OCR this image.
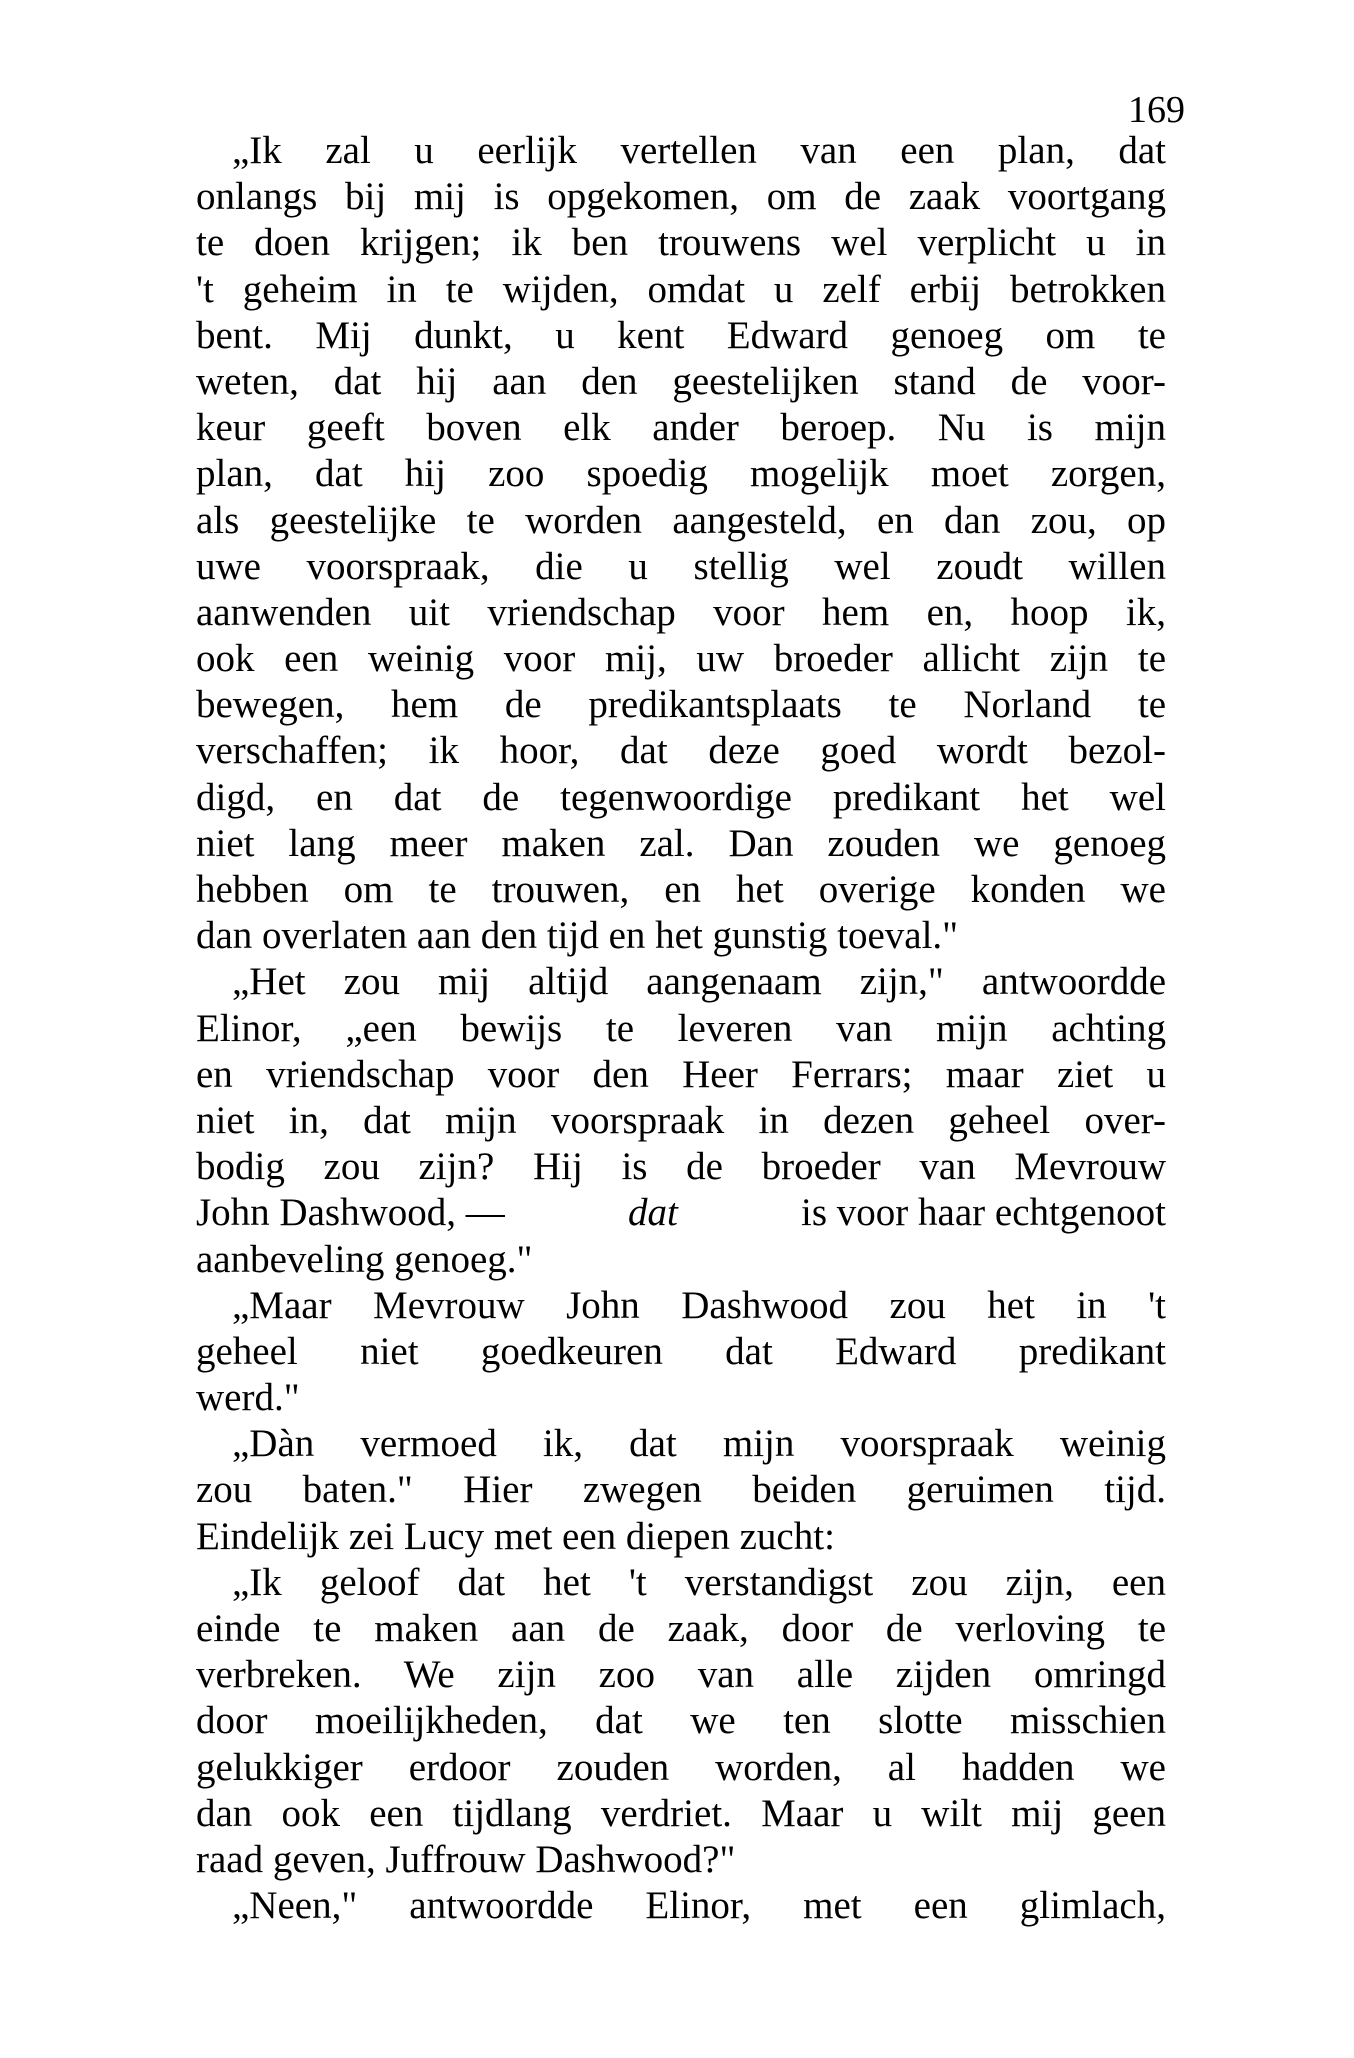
169
„Ik zal u eerlijk vertellen van een plan, dat
onlangs bij mij is opgekomen, om de zaak voortgang
te doen krijgen; ik ben trouwens wel verplicht u in
't geheim in te wijden, omdat u zelf erbij betrokken
bent. Mij dunkt, u kent Edward genoeg om te
weten, dat hij aan den geestelijken stand de voor-
keur geeft boven elk ander beroep. Nu is mijn
plan, dat hij zoo spoedig mogelijk moet zorgen,
als geestelijke te worden aangesteld, en dan zou, op
uwe voorspraak, die u stellig wel zoudt willen
aanwenden uit vriendschap voor hem en, hoop ik,
ook een weinig voor mij, uw broeder allicht zijn te
bewegen, hem de predikantsplaats te Norland te
verschaffen; ik hoor, dat deze goed wordt bezol-
digd, en dat de tegenwoordige predikant het wel
niet lang meer maken zal. Dan zouden we genoeg
hebben om te trouwen, en het overige konden we
dan overlaten aan den tijd en het gunstig toeval."
„Het zou mij altijd aangenaam zijn," antwoordde
Elinor, „een bewijs te leveren van mijn achting
en vriendschap voor den Heer Ferrars; maar ziet u
niet in, dat mijn voorspraak in dezen geheel over-
bodig zou zijn? Hij is de broeder van Mevrouw
John Dashwood, —	dat	is voor haar echtgenoot
aanbeveling genoeg."
„Maar Mevrouw John Dashwood zou het in 't
geheel niet goedkeuren dat Edward predikant
werd."
„Dàn vermoed ik, dat mijn voorspraak weinig
zou baten." Hier zwegen beiden geruimen tijd.
Eindelijk zei Lucy met een diepen zucht:
„Ik geloof dat het 't verstandigst zou zijn, een
einde te maken aan de zaak, door de verloving te
verbreken. We zijn zoo van alle zijden omringd
door moeilijkheden, dat we ten slotte misschien
gelukkiger erdoor zouden worden, al hadden we
dan ook een tijdlang verdriet. Maar u wilt mij geen
raad geven, Juffrouw Dashwood?"
„Neen," antwoordde Elinor, met een glimlach,
